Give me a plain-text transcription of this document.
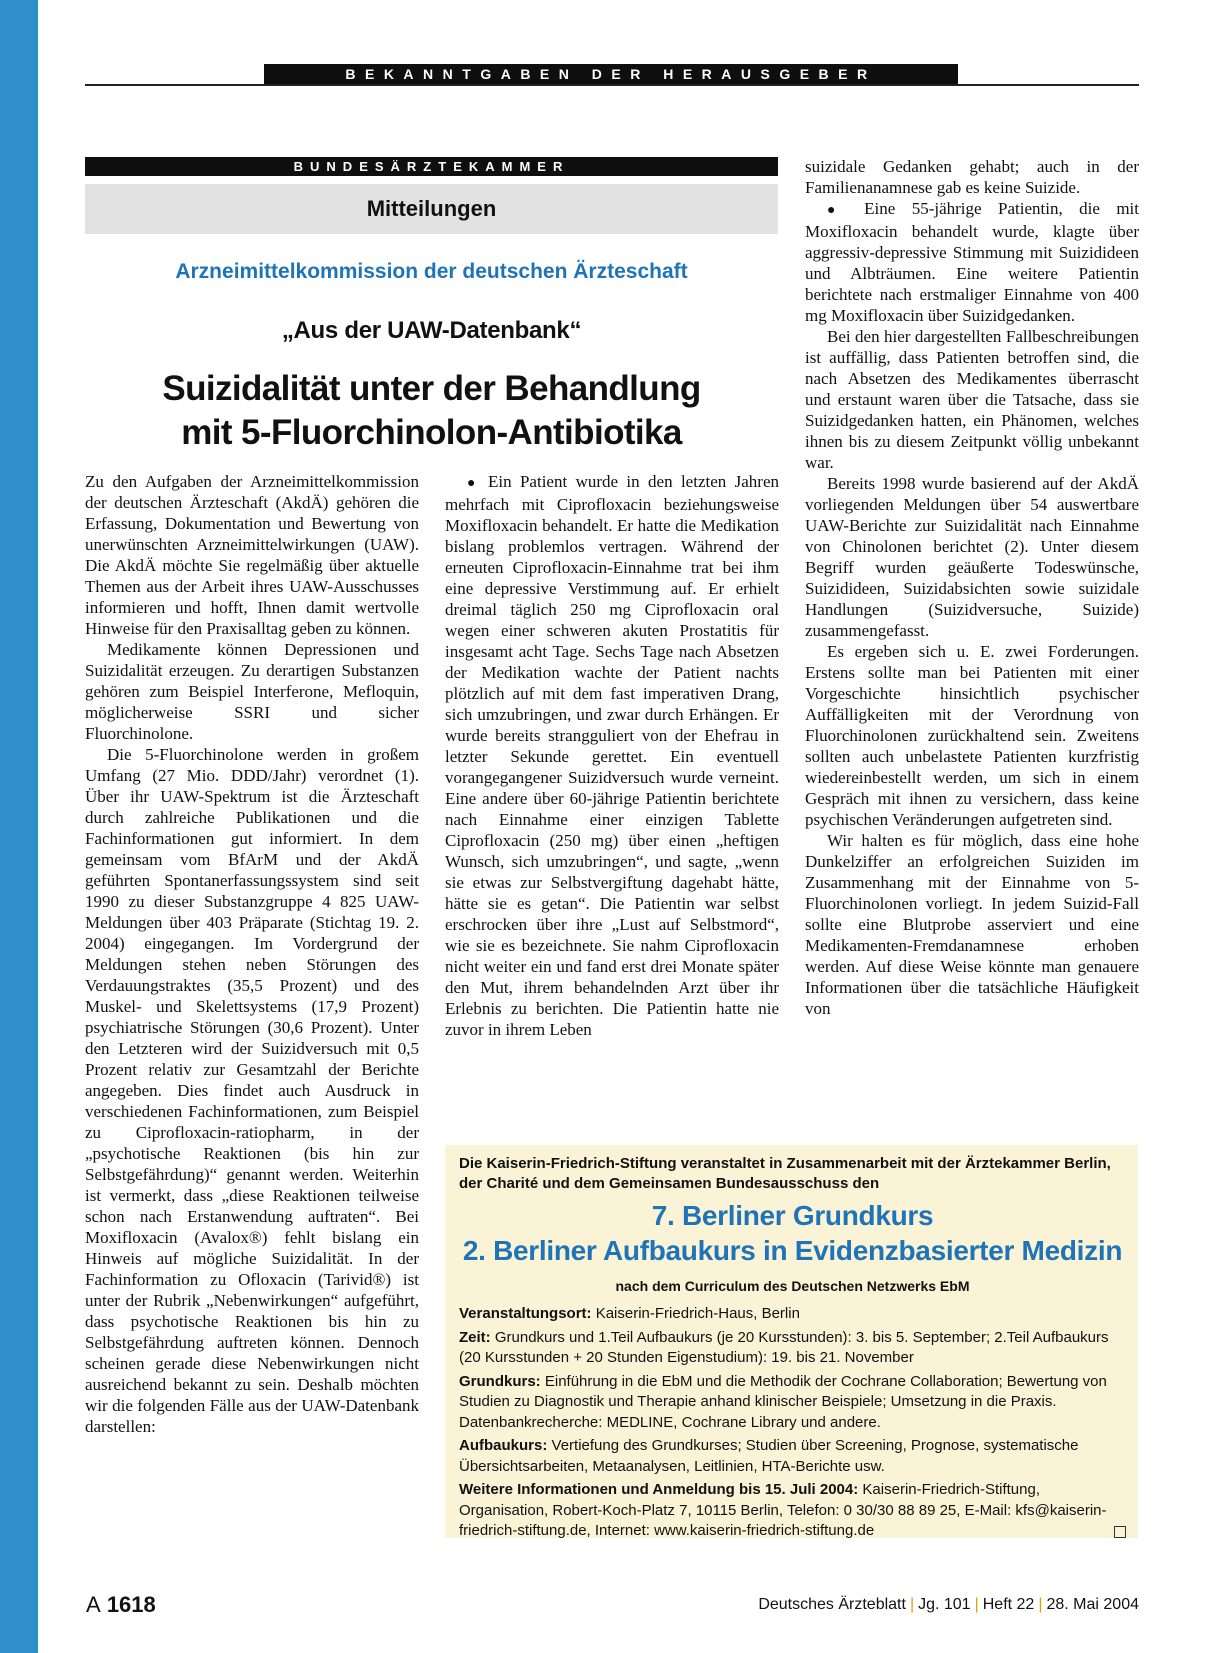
BEKANNTGABEN DER HERAUSGEBER
BUNDESÄRZTEKAMMER
Mitteilungen
Arzneimittelkommission der deutschen Ärzteschaft
„Aus der UAW-Datenbank“
Suizidalität unter der Behandlung
mit 5-Fluorchinolon-Antibiotika

Zu den Aufgaben der Arzneimittelkommission der deutschen Ärzteschaft (AkdÄ) gehören die Erfassung, Dokumentation und Bewertung von unerwünschten Arzneimittelwirkungen (UAW). Die AkdÄ möchte Sie regelmäßig über aktuelle Themen aus der Arbeit ihres UAW-Ausschusses informieren und hofft, Ihnen damit wertvolle Hinweise für den Praxisalltag geben zu können.

Medikamente können Depressionen und Suizidalität erzeugen. Zu derartigen Substanzen gehören zum Beispiel Interferone, Mefloquin, möglicherweise SSRI und sicher Fluorchinolone.

Die 5-Fluorchinolone werden in großem Umfang (27 Mio. DDD/Jahr) verordnet (1). Über ihr UAW-Spektrum ist die Ärzteschaft durch zahlreiche Publikationen und die Fachinformationen gut informiert. In dem gemeinsam vom BfArM und der AkdÄ geführten Spontanerfassungssystem sind seit 1990 zu dieser Substanzgruppe 4 825 UAW-Meldungen über 403 Präparate (Stichtag 19. 2. 2004) eingegangen. Im Vordergrund der Meldungen stehen neben Störungen des Verdauungstraktes (35,5 Prozent) und des Muskel- und Skelettsystems (17,9 Prozent) psychiatrische Störungen (30,6 Prozent). Unter den Letzteren wird der Suizidversuch mit 0,5 Prozent relativ zur Gesamtzahl der Berichte angegeben. Dies findet auch Ausdruck in verschiedenen Fachinformationen, zum Beispiel zu Ciprofloxacin-ratiopharm, in der „psychotische Reaktionen (bis hin zur Selbstgefährdung)“ genannt werden. Weiterhin ist vermerkt, dass „diese Reaktionen teilweise schon nach Erstanwendung auftraten“. Bei Moxifloxacin (Avalox®) fehlt bislang ein Hinweis auf mögliche Suizidalität. In der Fachinformation zu Ofloxacin (Tarivid®) ist unter der Rubrik „Nebenwirkungen“ aufgeführt, dass psychotische Reaktionen bis hin zu Selbstgefährdung auftreten können. Dennoch scheinen gerade diese Nebenwirkungen nicht ausreichend bekannt zu sein. Deshalb möchten wir die folgenden Fälle aus der UAW-Datenbank darstellen:

● Ein Patient wurde in den letzten Jahren mehrfach mit Ciprofloxacin beziehungsweise Moxifloxacin behandelt. Er hatte die Medikation bislang problemlos vertragen. Während der erneuten Ciprofloxacin-Einnahme trat bei ihm eine depressive Verstimmung auf. Er erhielt dreimal täglich 250 mg Ciprofloxacin oral wegen einer schweren akuten Prostatitis für insgesamt acht Tage. Sechs Tage nach Absetzen der Medikation wachte der Patient nachts plötzlich auf mit dem fast imperativen Drang, sich umzubringen, und zwar durch Erhängen. Er wurde bereits strangguliert von der Ehefrau in letzter Sekunde gerettet. Ein eventuell vorangegangener Suizidversuch wurde verneint. Eine andere über 60-jährige Patientin berichtete nach Einnahme einer einzigen Tablette Ciprofloxacin (250 mg) über einen „heftigen Wunsch, sich umzubringen“, und sagte, „wenn sie etwas zur Selbstvergiftung dagehabt hätte, hätte sie es getan“. Die Patientin war selbst erschrocken über ihre „Lust auf Selbstmord“, wie sie es bezeichnete. Sie nahm Ciprofloxacin nicht weiter ein und fand erst drei Monate später den Mut, ihrem behandelnden Arzt über ihr Erlebnis zu berichten. Die Patientin hatte nie zuvor in ihrem Leben

suizidale Gedanken gehabt; auch in der Familienanamnese gab es keine Suizide.

● Eine 55-jährige Patientin, die mit Moxifloxacin behandelt wurde, klagte über aggressiv-depressive Stimmung mit Suizidideen und Albträumen. Eine weitere Patientin berichtete nach erstmaliger Einnahme von 400 mg Moxifloxacin über Suizidgedanken.

Bei den hier dargestellten Fallbeschreibungen ist auffällig, dass Patienten betroffen sind, die nach Absetzen des Medikamentes überrascht und erstaunt waren über die Tatsache, dass sie Suizidgedanken hatten, ein Phänomen, welches ihnen bis zu diesem Zeitpunkt völlig unbekannt war.

Bereits 1998 wurde basierend auf der AkdÄ vorliegenden Meldungen über 54 auswertbare UAW-Berichte zur Suizidalität nach Einnahme von Chinolonen berichtet (2). Unter diesem Begriff wurden geäußerte Todeswünsche, Suizidideen, Suizidabsichten sowie suizidale Handlungen (Suizidversuche, Suizide) zusammengefasst.

Es ergeben sich u. E. zwei Forderungen. Erstens sollte man bei Patienten mit einer Vorgeschichte hinsichtlich psychischer Auffälligkeiten mit der Verordnung von Fluorchinolonen zurückhaltend sein. Zweitens sollten auch unbelastete Patienten kurzfristig wiedereinbestellt werden, um sich in einem Gespräch mit ihnen zu versichern, dass keine psychischen Veränderungen aufgetreten sind.

Wir halten es für möglich, dass eine hohe Dunkelziffer an erfolgreichen Suiziden im Zusammenhang mit der Einnahme von 5-Fluorchinolonen vorliegt. In jedem Suizid-Fall sollte eine Blutprobe asserviert und eine Medikamenten-Fremdanamnese erhoben werden. Auf diese Weise könnte man genauere Informationen über die tatsächliche Häufigkeit von

Die Kaiserin-Friedrich-Stiftung veranstaltet in Zusammenarbeit mit der Ärztekammer Berlin, der Charité und dem Gemeinsamen Bundesausschuss den
7. Berliner Grundkurs
2. Berliner Aufbaukurs in Evidenzbasierter Medizin
nach dem Curriculum des Deutschen Netzwerks EbM

Veranstaltungsort: Kaiserin-Friedrich-Haus, Berlin

Zeit: Grundkurs und 1.Teil Aufbaukurs (je 20 Kursstunden): 3. bis 5. September; 2.Teil Aufbaukurs (20 Kursstunden + 20 Stunden Eigenstudium): 19. bis 21. November

Grundkurs: Einführung in die EbM und die Methodik der Cochrane Collaboration; Bewertung von Studien zu Diagnostik und Therapie anhand klinischer Beispiele; Umsetzung in die Praxis. Datenbankrecherche: MEDLINE, Cochrane Library und andere.

Aufbaukurs: Vertiefung des Grundkurses; Studien über Screening, Prognose, systematische Übersichtsarbeiten, Metaanalysen, Leitlinien, HTA-Berichte usw.

Weitere Informationen und Anmeldung bis 15. Juli 2004: Kaiserin-Friedrich-Stiftung, Organisation, Robert-Koch-Platz 7, 10115 Berlin, Telefon: 0 30/30 88 89 25, E-Mail: kfs@kaiserin-friedrich-stiftung.de, Internet: www.kaiserin-friedrich-stiftung.de

A 1618	Deutsches Ärzteblatt | Jg. 101 | Heft 22 | 28. Mai 2004
